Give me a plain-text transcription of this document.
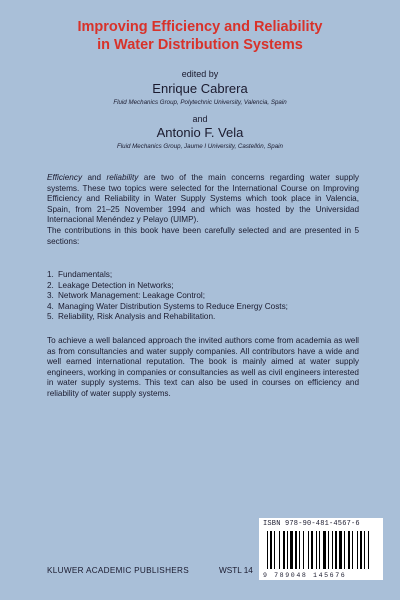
Improving Efficiency and Reliability
in Water Distribution Systems
edited by
Enrique Cabrera
Fluid Mechanics Group, Polytechnic University, Valencia, Spain
and
Antonio F. Vela
Fluid Mechanics Group, Jaume I University, Castellón, Spain
Efficiency and reliability are two of the main concerns regarding water supply systems. These two topics were selected for the International Course on Improving Efficiency and Reliability in Water Supply Systems which took place in Valencia, Spain, from 21–25 November 1994 and which was hosted by the Universidad Internacional Menéndez y Pelayo (UIMP).
The contributions in this book have been carefully selected and are presented in 5 sections:
1. Fundamentals;
2. Leakage Detection in Networks;
3. Network Management: Leakage Control;
4. Managing Water Distribution Systems to Reduce Energy Costs;
5. Reliability, Risk Analysis and Rehabilitation.
To achieve a well balanced approach the invited authors come from academia as well as from consultancies and water supply companies. All contributors have a wide and well earned international reputation. The book is mainly aimed at water supply engineers, working in companies or consultancies as well as civil engineers interested in water supply systems. This text can also be used in courses on efficiency and reliability of water supply systems.
ISBN 978-90-481-4567-6
9 789048 145676
KLUWER ACADEMIC PUBLISHERS	WSTL 14
